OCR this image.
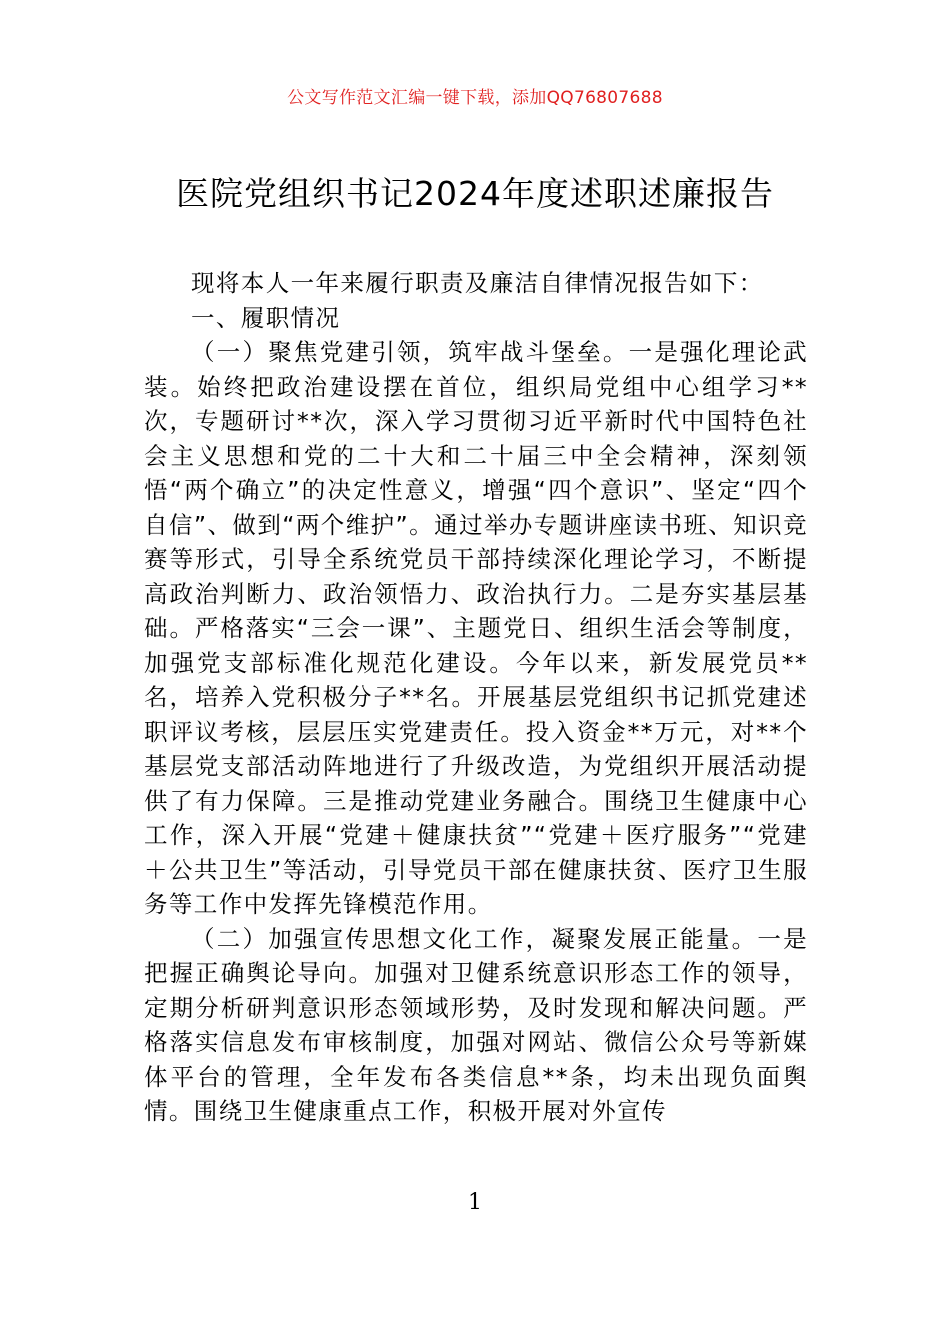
公文写作范文汇编一键下载，添加QQ76807688
医院党组织书记2024年度述职述廉报告

现将本人一年来履行职责及廉洁自律情况报告如下：

一、履职情况

（一）聚焦党建引领，筑牢战斗堡垒。一是强化理论武装。始终把政治建设摆在首位，组织局党组中心组学习**次，专题研讨**次，深入学习贯彻习近平新时代中国特色社会主义思想和党的二十大和二十届三中全会精神，深刻领悟“两个确立”的决定性意义，增强“四个意识”、坚定“四个自信”、做到“两个维护”。通过举办专题讲座读书班、知识竞赛等形式，引导全系统党员干部持续深化理论学习，不断提高政治判断力、政治领悟力、政治执行力。二是夯实基层基础。严格落实“三会一课”、主题党日、组织生活会等制度，加强党支部标准化规范化建设。今年以来，新发展党员**名，培养入党积极分子**名。开展基层党组织书记抓党建述职评议考核，层层压实党建责任。投入资金**万元，对**个基层党支部活动阵地进行了升级改造，为党组织开展活动提供了有力保障。三是推动党建业务融合。围绕卫生健康中心工作，深入开展“党建＋健康扶贫”“党建＋医疗服务”“党建＋公共卫生”等活动，引导党员干部在健康扶贫、医疗卫生服务等工作中发挥先锋模范作用。

（二）加强宣传思想文化工作，凝聚发展正能量。一是把握正确舆论导向。加强对卫健系统意识形态工作的领导，定期分析研判意识形态领域形势，及时发现和解决问题。严格落实信息发布审核制度，加强对网站、微信公众号等新媒体平台的管理，全年发布各类信息**条，均未出现负面舆情。围绕卫生健康重点工作，积极开展对外宣传

1
